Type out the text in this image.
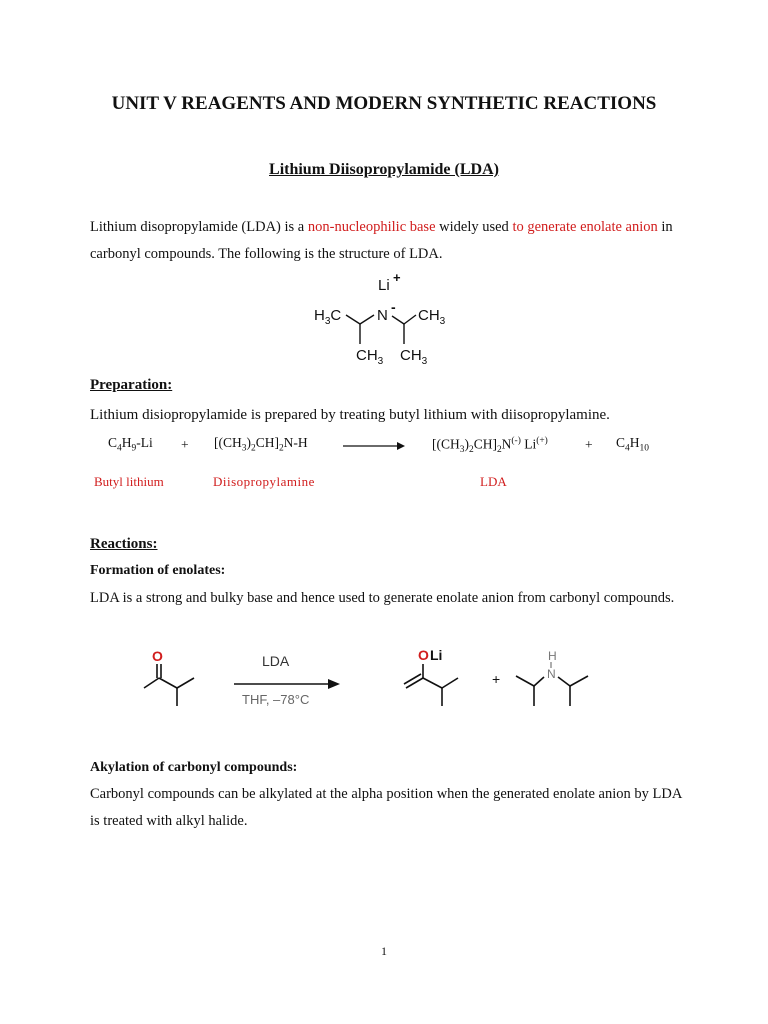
UNIT V REAGENTS AND MODERN SYNTHETIC REACTIONS
Lithium Diisopropylamide (LDA)
Lithium disopropylamide (LDA) is a non-nucleophilic base widely used to generate enolate anion in carbonyl compounds. The following is the structure of LDA.
Li +
$H_3C$ N - $CH_3$
$CH_3$ $CH_3$
Preparation:
Lithium disiopropylamide is prepared by treating butyl lithium with diisopropylamine.
$C_4H_9-Li + [(CH_3)_2CH]_2N-H$	$[(CH_3)_2CH]_2N^{(-)}$ Li(+)	+ $C_4H_{10}$
Butyl lithium	Diisopropylamine	LDA
Reactions:
Formation of enolates:
LDA is a strong and bulky base and hence used to generate enolate anion from carbonyl compounds.
O	LDA
THF, –78°C
O Li
+
H
N
Akylation of carbonyl compounds:
Carbonyl compounds can be alkylated at the alpha position when the generated enolate anion by LDA is treated with alkyl halide.
1
